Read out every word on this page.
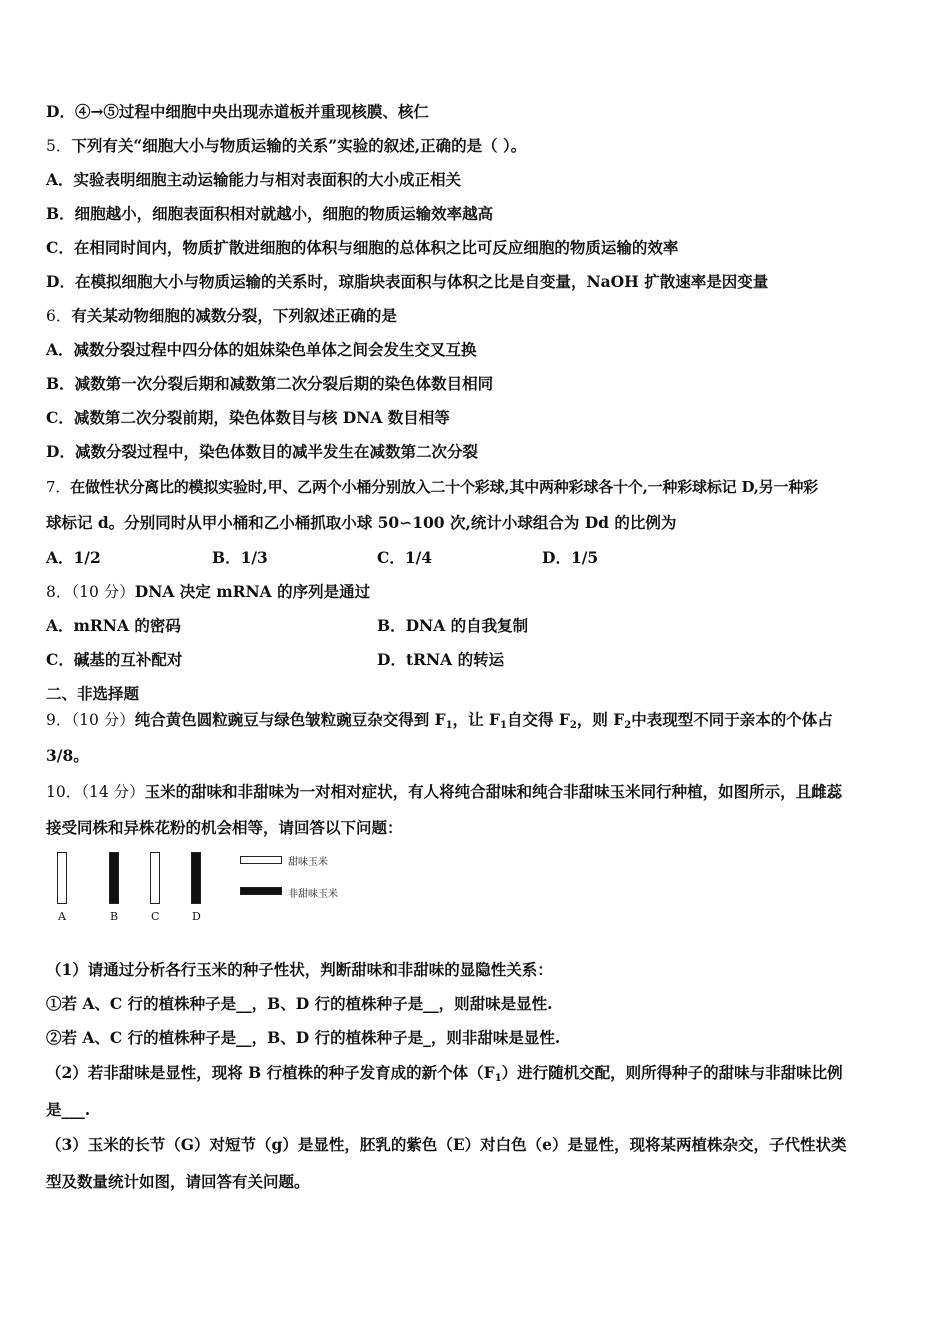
D．④→⑤过程中细胞中央出现赤道板并重现核膜、核仁
5．下列有关“细胞大小与物质运输的关系”实验的叙述,正确的是（ ）。
A．实验表明细胞主动运输能力与相对表面积的大小成正相关
B．细胞越小，细胞表面积相对就越小，细胞的物质运输效率越高
C．在相同时间内，物质扩散进细胞的体积与细胞的总体积之比可反应细胞的物质运输的效率
D．在模拟细胞大小与物质运输的关系时，琼脂块表面积与体积之比是自变量，NaOH 扩散速率是因变量
6．有关某动物细胞的减数分裂，下列叙述正确的是
A．减数分裂过程中四分体的姐妹染色单体之间会发生交叉互换
B．减数第一次分裂后期和减数第二次分裂后期的染色体数目相同
C．减数第二次分裂前期，染色体数目与核 DNA 数目相等
D．减数分裂过程中，染色体数目的减半发生在减数第二次分裂
7．在做性状分离比的模拟实验时,甲、乙两个小桶分别放入二十个彩球,其中两种彩球各十个,一种彩球标记 D,另一种彩
球标记 d。分别同时从甲小桶和乙小桶抓取小球 50∽100 次,统计小球组合为 Dd 的比例为
A．1/2	B．1/3	C．1/4	D．1/5
8．（10 分）DNA 决定 mRNA 的序列是通过
A．mRNA 的密码	B．DNA 的自我复制
C．碱基的互补配对	D．tRNA 的转运
二、非选择题
9．（10 分）纯合黄色圆粒豌豆与绿色皱粒豌豆杂交得到 $F_1$，让 $F_1$自交得 $F_2$，则 $F_2$中表现型不同于亲本的个体占
3/8。
10．（14 分）玉米的甜味和非甜味为一对相对症状，有人将纯合甜味和纯合非甜味玉米同行种植，如图所示，且雌蕊
接受同株和异株花粉的机会相等，请回答以下问题：
A	B	C	D
甜味玉米
非甜味玉米
（1）请通过分析各行玉米的种子性状，判断甜味和非甜味的显隐性关系：
①若 A、C 行的植株种子是__，B、D 行的植株种子是__，则甜味是显性.
②若 A、C 行的植株种子是__，B、D 行的植株种子是_，则非甜味是显性.
（2）若非甜味是显性，现将 B 行植株的种子发育成的新个体$(F_1)$进行随机交配，则所得种子的甜味与非甜味比例
是___.
（3）玉米的长节（G）对短节（g）是显性，胚乳的紫色（E）对白色（e）是显性，现将某两植株杂交，子代性状类
型及数量统计如图，请回答有关问题。
